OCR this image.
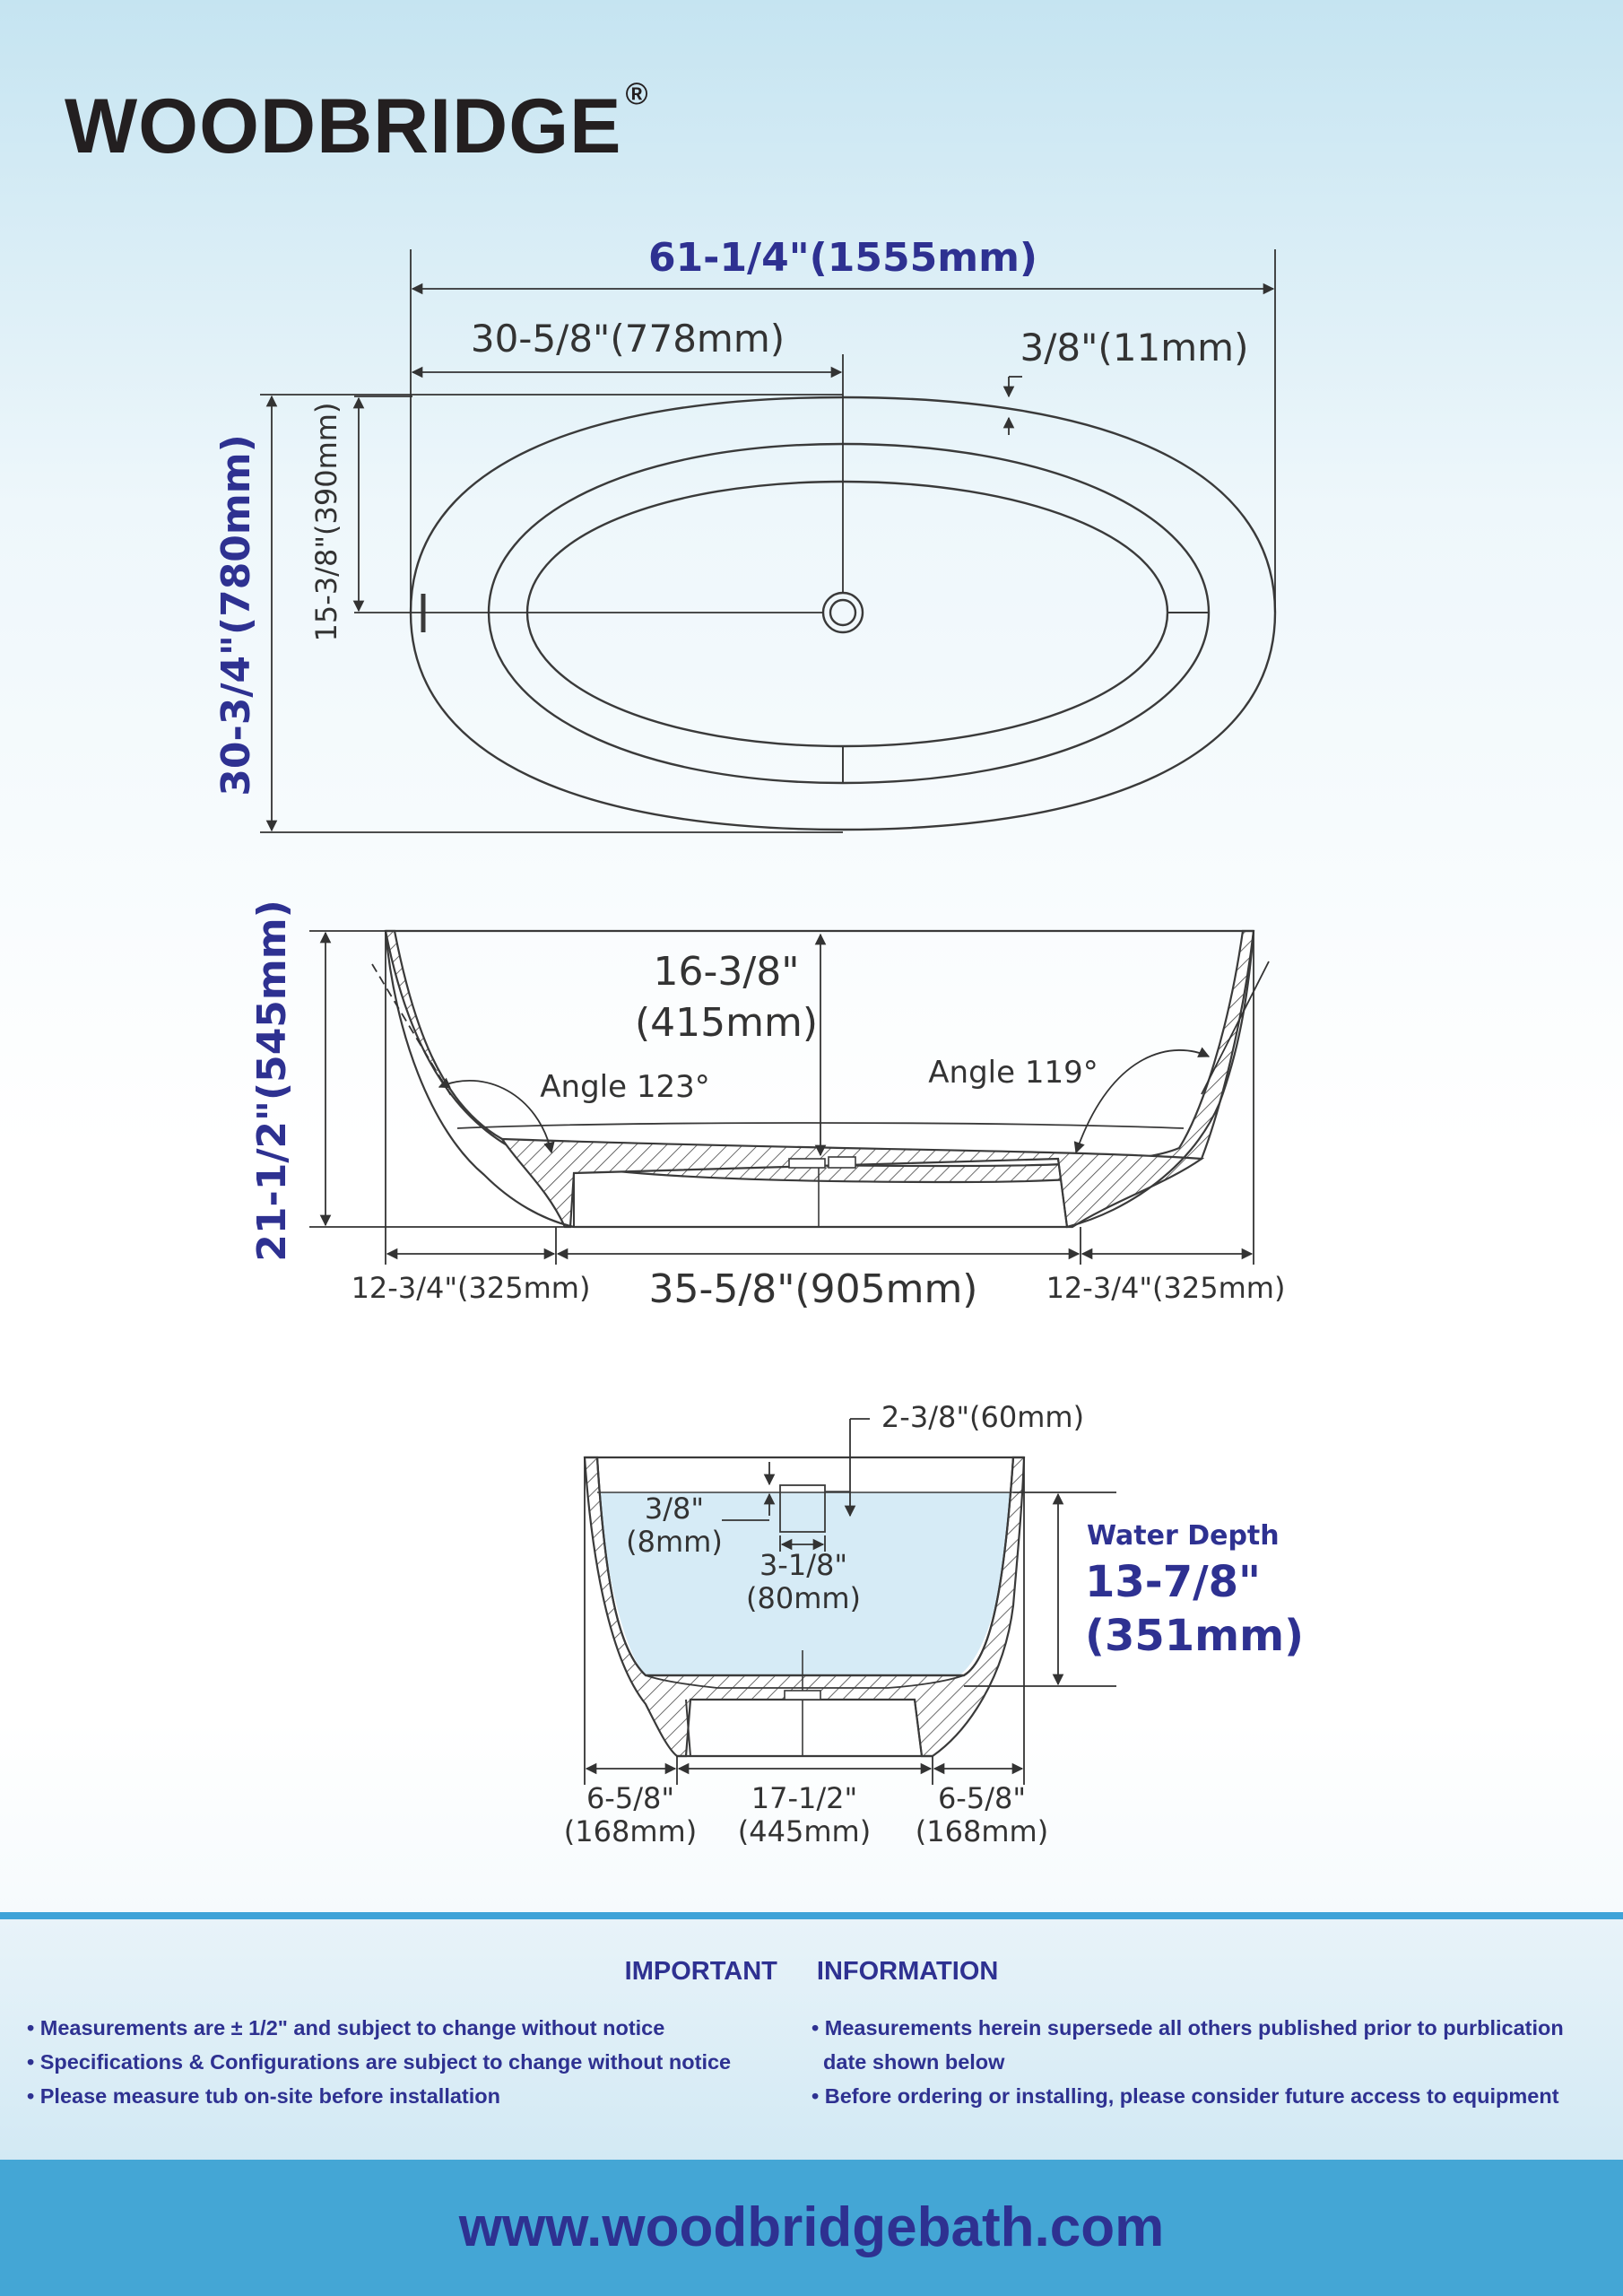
WOODBRIDGE ®
61-1/4"(1555mm)
30-5/8"(778mm)	3/8"(11mm)
30-3/4"(780mm) 15-3/8"(390mm)
21-1/2"(545mm)	16-3/8"
(415mm)
Angle 123°	Angle 119°
12-3/4"(325mm) 35-5/8"(905mm) 12-3/4"(325mm)
2-3/8"(60mm)
3/8"
(8mm)
3-1/8"
(80mm)
Water Depth
13-7/8"
(351mm)
6-5/8"
(168mm)
17-1/2"
(445mm)
6-5/8"
(168mm)
IMPORTANT INFORMATION
• Measurements are ± 1/2" and subject to change without notice
• Specifications & Configurations are subject to change without notice
• Please measure tub on-site before installation
• Measurements herein supersede all others published prior to purblication
date shown below
• Before ordering or installing, please consider future access to equipment
www.woodbridgebath.com
